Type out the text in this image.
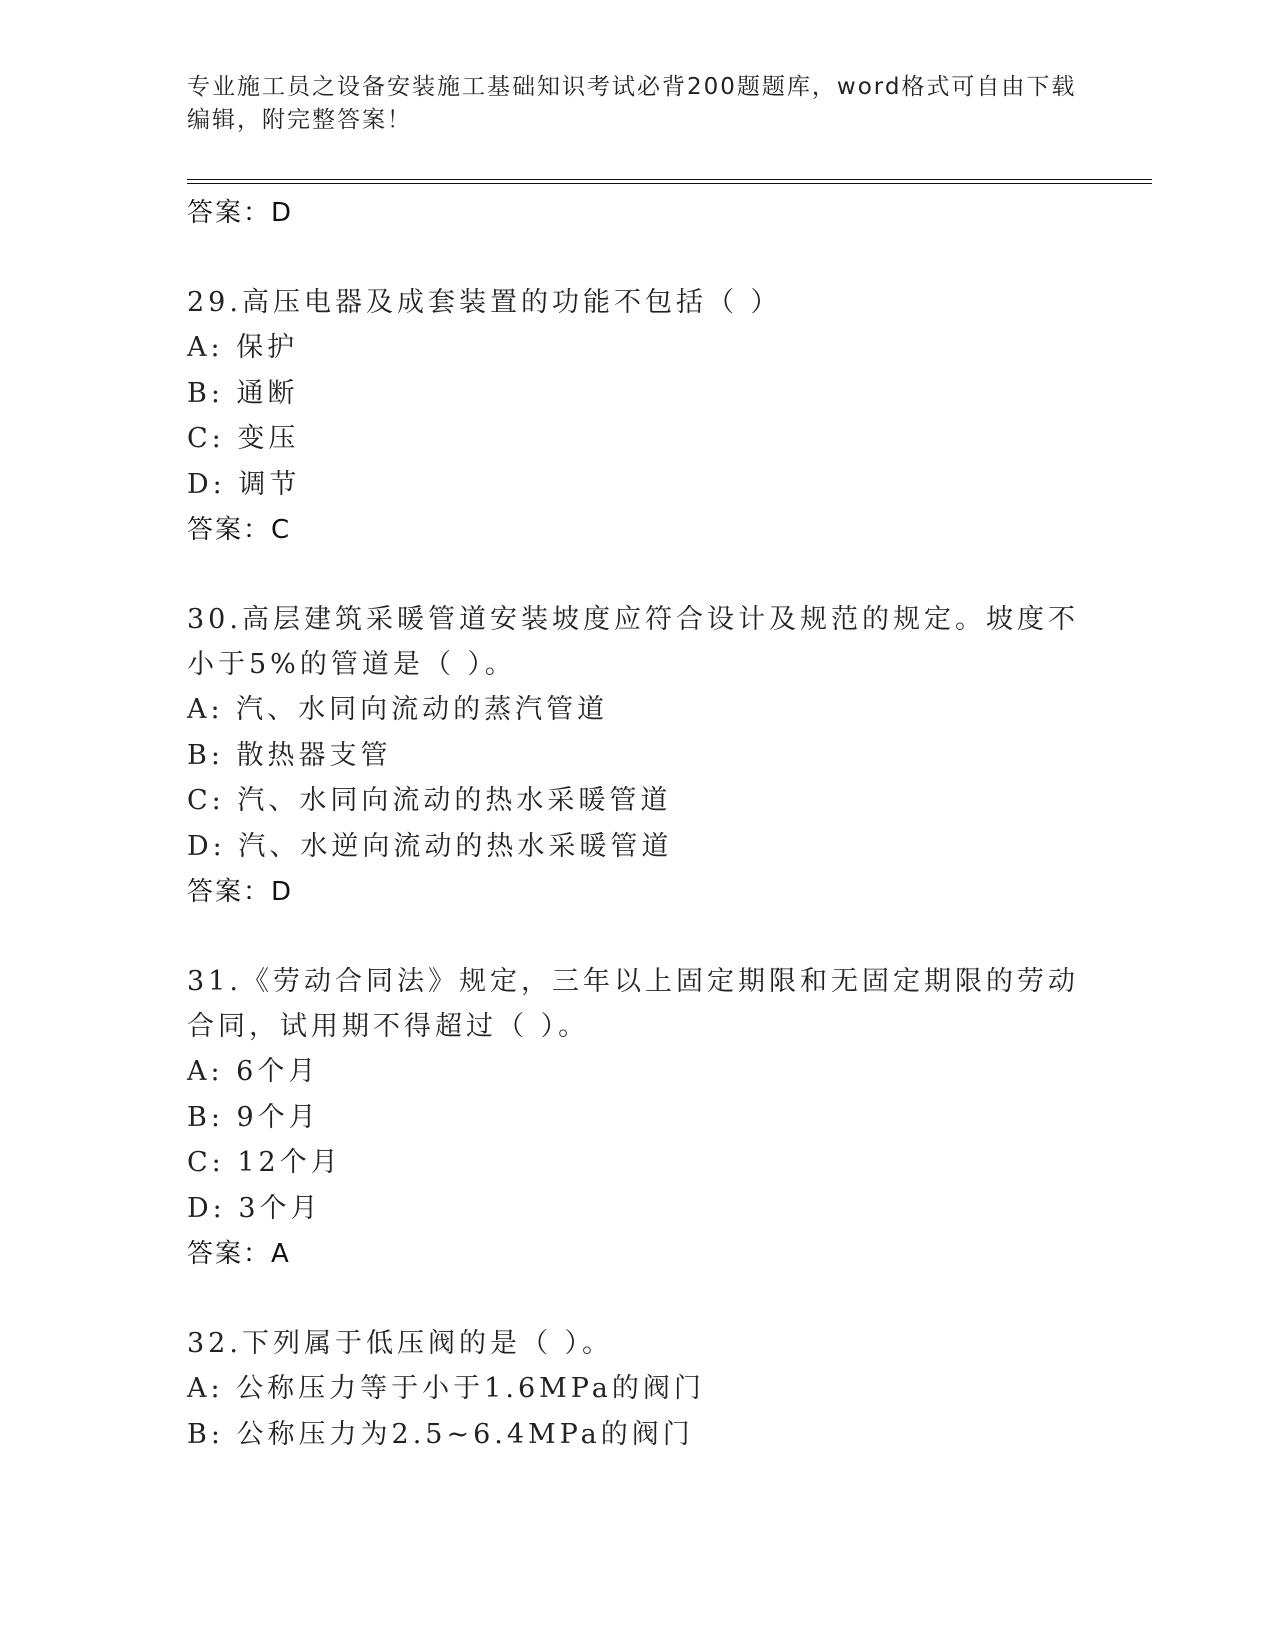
专业施工员之设备安装施工基础知识考试必背200题题库，word格式可自由下载编辑，附完整答案！
答案：D
29.高压电器及成套装置的功能不包括（ ）
A: 保护
B: 通断
C: 变压
D: 调节
答案：C
30.高层建筑采暖管道安装坡度应符合设计及规范的规定。坡度不小于5%的管道是（ ）。
A: 汽、水同向流动的蒸汽管道
B: 散热器支管
C: 汽、水同向流动的热水采暖管道
D: 汽、水逆向流动的热水采暖管道
答案：D
31.《劳动合同法》规定，三年以上固定期限和无固定期限的劳动合同，试用期不得超过（ ）。
A: 6个月
B: 9个月
C: 12个月
D: 3个月
答案：A
32.下列属于低压阀的是（ ）。
A: 公称压力等于小于1.6MPa的阀门
B: 公称压力为2.5~6.4MPa的阀门
